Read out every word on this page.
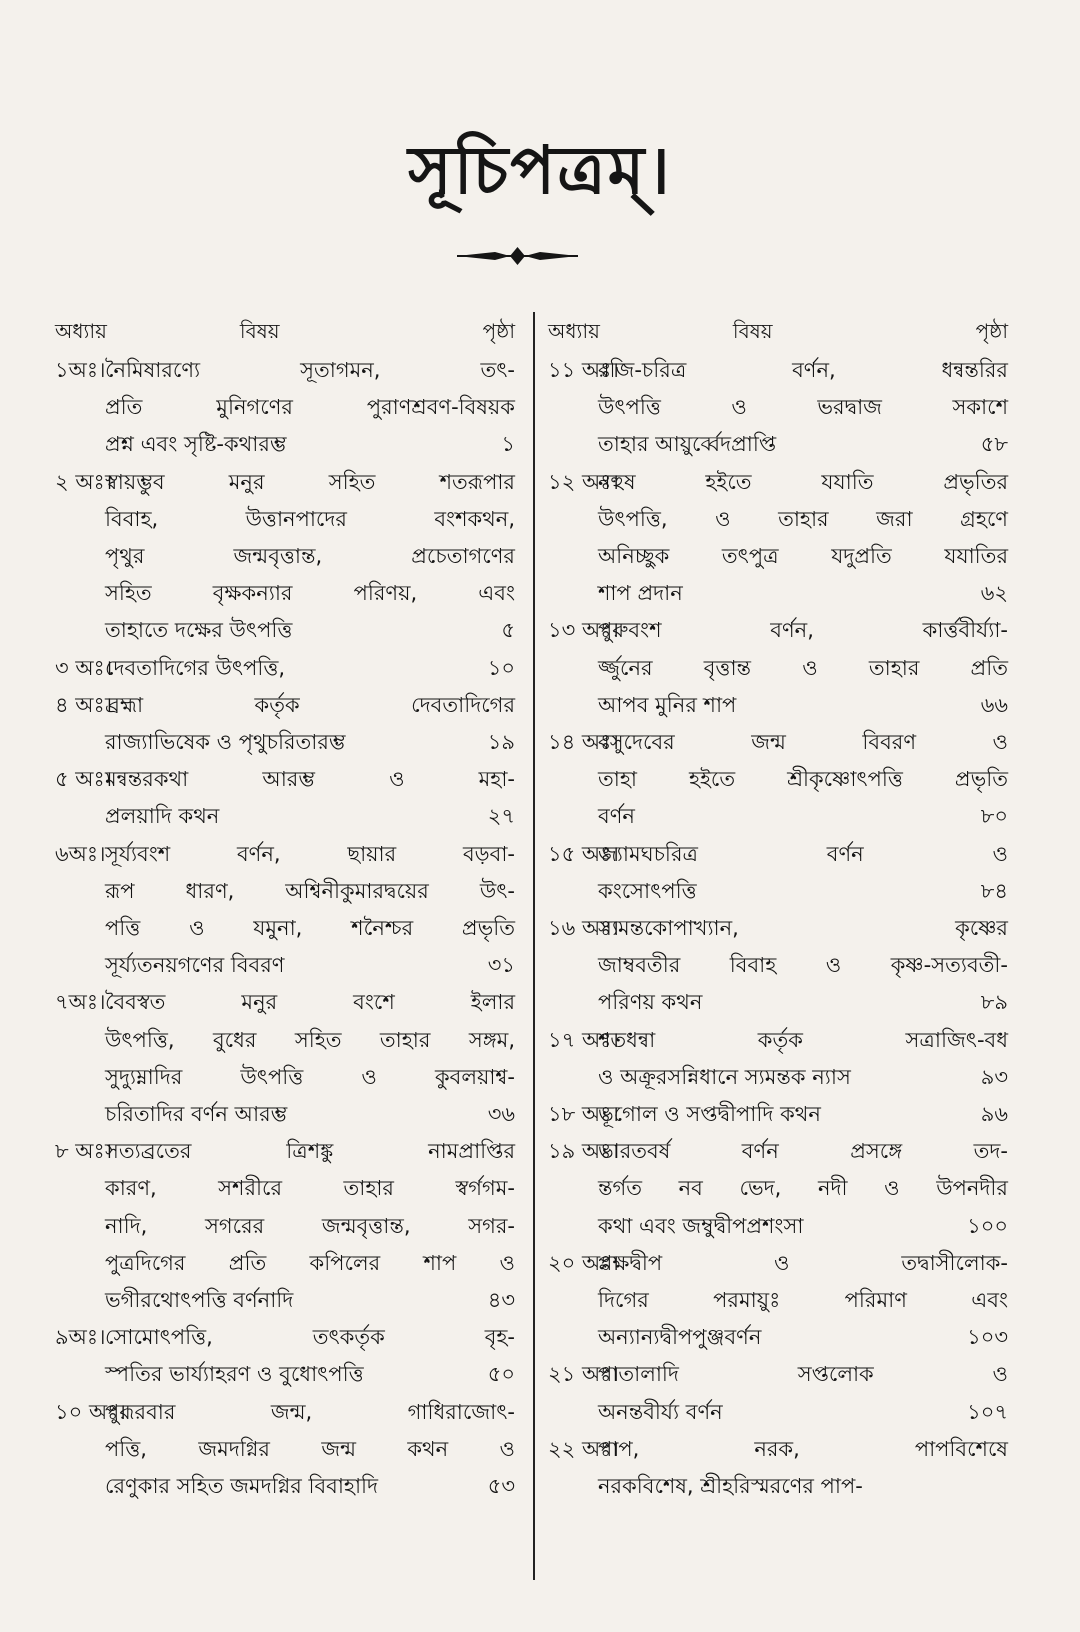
সূচিপত্রম্।
অধ্যায়	বিষয়	পৃষ্ঠা
১অঃ। নৈমিষারণ্যে সূতাগমন, তৎ-
প্রতি মুনিগণের পুরাণশ্রবণ-বিষয়ক
প্রশ্ন এবং সৃষ্টি-কথারম্ভ	১
২ অঃ।
স্বায়ম্ভুব মনুর সহিত শতরূপার
বিবাহ, উত্তানপাদের বংশকথন,
পৃথুর জন্মবৃত্তান্ত, প্রচেতাগণের
সহিত বৃক্ষকন্যার পরিণয়, এবং
তাহাতে দক্ষের উৎপত্তি	৫
৩ অঃ।
দেবতাদিগের উৎপত্তি,	১০
৪ অঃ।
ব্রহ্মা কর্তৃক দেবতাদিগের
রাজ্যাভিষেক ও পৃথুচরিতারম্ভ	১৯
৫ অঃ।
মন্বন্তরকথা আরম্ভ ও মহা-
প্রলয়াদি কথন	২৭
৬অঃ। সূর্য্যবংশ বর্ণন, ছায়ার বড়বা-
রূপ ধারণ, অশ্বিনীকুমারদ্বয়ের উৎ-
পত্তি ও যমুনা, শনৈশ্চর প্রভৃতি
সূর্য্যতনয়গণের বিবরণ	৩১
৭অঃ। বৈবস্বত মনুর বংশে ইলার
উৎপত্তি, বুধের সহিত তাহার সঙ্গম,
সুদ্যুম্নাদির উৎপত্তি ও কুবলয়াশ্ব-
চরিতাদির বর্ণন আরম্ভ	৩৬
৮ অঃ।
সত্যব্রতের ত্রিশঙ্কু নামপ্রাপ্তির
কারণ, সশরীরে তাহার স্বর্গগম-
নাদি, সগরের জন্মবৃত্তান্ত, সগর-
পুত্রদিগের প্রতি কপিলের শাপ ও
ভগীরথোৎপত্তি বর্ণনাদি	৪৩
৯অঃ। সোমোৎপত্তি, তৎকর্তৃক বৃহ-
স্পতির ভার্য্যাহরণ ও বুধোৎপত্তি	৫০
১০ অঃ।
পুরূরবার জন্ম, গাধিরাজোৎ-
পত্তি, জমদগ্নির জন্ম কথন ও
রেণুকার সহিত জমদগ্নির বিবাহাদি	৫৩
অধ্যায়	বিষয়	পৃষ্ঠা
১১ অঃ।
রজি-চরিত্র বর্ণন, ধন্বন্তরির
উৎপত্তি ও ভরদ্বাজ সকাশে
তাহার আয়ুর্ব্বেদপ্রাপ্তি	৫৮
১২ অঃ।
নহুষ হইতে যযাতি প্রভৃতির
উৎপত্তি, ও তাহার জরা গ্রহণে
অনিচ্ছুক তৎপুত্র যদুপ্রতি যযাতির
শাপ প্রদান	৬২
১৩ অঃ।
পুরুবংশ বর্ণন, কার্ত্তবীর্য্যা-
র্জ্জুনের বৃত্তান্ত ও তাহার প্রতি
আপব মুনির শাপ	৬৬
১৪ অঃ।
বসুদেবের জন্ম বিবরণ ও
তাহা হইতে শ্রীকৃষ্ণোৎপত্তি প্রভৃতি
বর্ণন	৮০
১৫ অঃ।
জ্যামঘচরিত্র বর্ণন ও
কংসোৎপত্তি	৮৪
১৬ অঃ।
স্যমন্তকোপাখ্যান, কৃষ্ণের
জাম্ববতীর বিবাহ ও কৃষ্ণ-সত্যবতী-
পরিণয় কথন	৮৯
১৭ অঃ।
শতধন্বা কর্তৃক সত্রাজিৎ-বধ
ও অক্রূরসন্নিধানে স্যমন্তক ন্যাস	৯৩
১৮ অঃ।
ভূগোল ও সপ্তদ্বীপাদি কথন	৯৬
১৯ অঃ।
ভারতবর্ষ বর্ণন প্রসঙ্গে তদ-
ন্তর্গত নব ভেদ, নদী ও উপনদীর
কথা এবং জম্বুদ্বীপপ্রশংসা	১০০
২০ অঃ।
প্লক্ষদ্বীপ ও তদ্বাসীলোক-
দিগের পরমায়ুঃ পরিমাণ এবং
অন্যান্যদ্বীপপুঞ্জবর্ণন	১০৩
২১ অঃ।
পাতালাদি সপ্তলোক ও
অনন্তবীর্য্য বর্ণন	১০৭
২২ অঃ।
পাপ, নরক, পাপবিশেষে
নরকবিশেষ, শ্রীহরিস্মরণের পাপ-
